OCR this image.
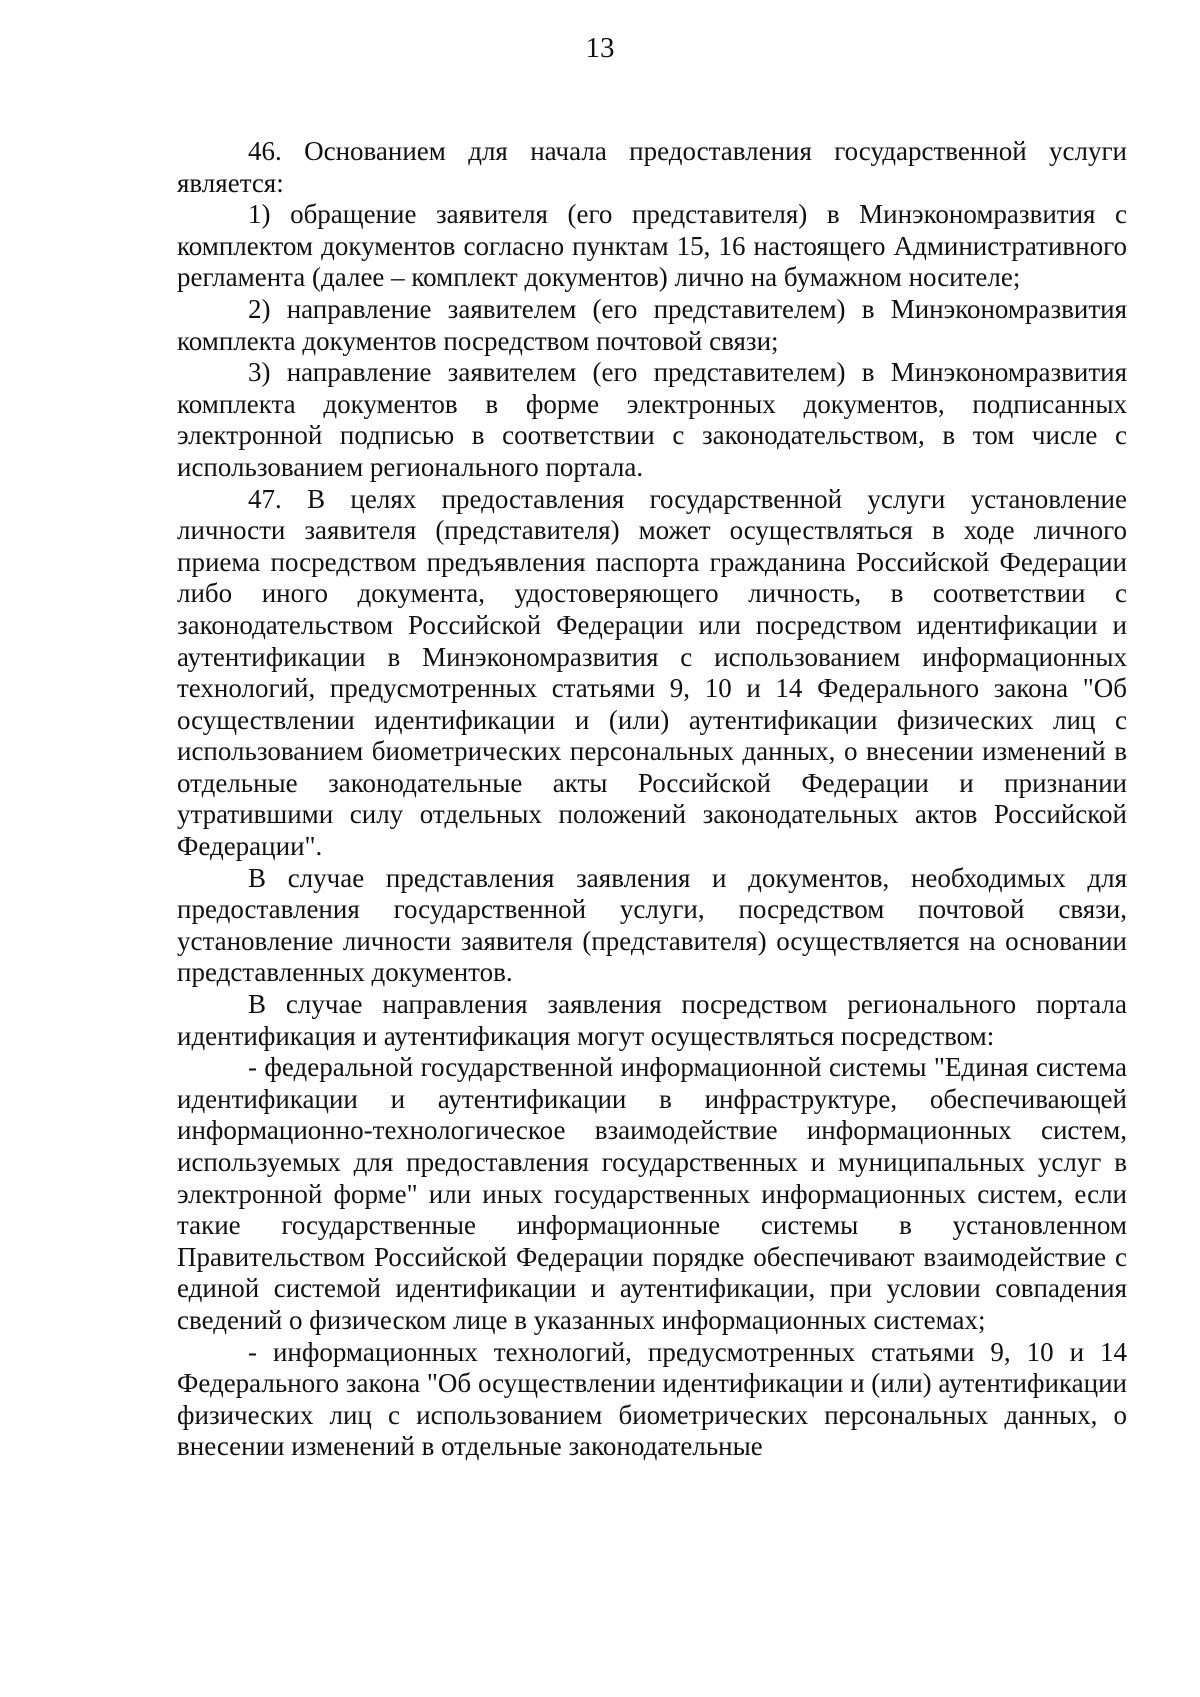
13

46. Основанием для начала предоставления государственной услуги является:

1) обращение заявителя (его представителя) в Минэкономразвития с комплектом документов согласно пунктам 15, 16 настоящего Административного регламента (далее – комплект документов) лично на бумажном носителе;

2) направление заявителем (его представителем) в Минэкономразвития комплекта документов посредством почтовой связи;

3) направление заявителем (его представителем) в Минэкономразвития комплекта документов в форме электронных документов, подписанных электронной подписью в соответствии с законодательством, в том числе с использованием регионального портала.

47. В целях предоставления государственной услуги установление личности заявителя (представителя) может осуществляться в ходе личного приема посредством предъявления паспорта гражданина Российской Федерации либо иного документа, удостоверяющего личность, в соответствии с законодательством Российской Федерации или посредством идентификации и аутентификации в Минэкономразвития с использованием информационных технологий, предусмотренных статьями 9, 10 и 14 Федерального закона "Об осуществлении идентификации и (или) аутентификации физических лиц с использованием биометрических персональных данных, о внесении изменений в отдельные законодательные акты Российской Федерации и признании утратившими силу отдельных положений законодательных актов Российской Федерации".

В случае представления заявления и документов, необходимых для предоставления государственной услуги, посредством почтовой связи, установление личности заявителя (представителя) осуществляется на основании представленных документов.

В случае направления заявления посредством регионального портала идентификация и аутентификация могут осуществляться посредством:

- федеральной государственной информационной системы "Единая система идентификации и аутентификации в инфраструктуре, обеспечивающей информационно-технологическое взаимодействие информационных систем, используемых для предоставления государственных и муниципальных услуг в электронной форме" или иных государственных информационных систем, если такие государственные информационные системы в установленном Правительством Российской Федерации порядке обеспечивают взаимодействие с единой системой идентификации и аутентификации, при условии совпадения сведений о физическом лице в указанных информационных системах;

- информационных технологий, предусмотренных статьями 9, 10 и 14 Федерального закона "Об осуществлении идентификации и (или) аутентификации физических лиц с использованием биометрических персональных данных, о внесении изменений в отдельные законодательные
